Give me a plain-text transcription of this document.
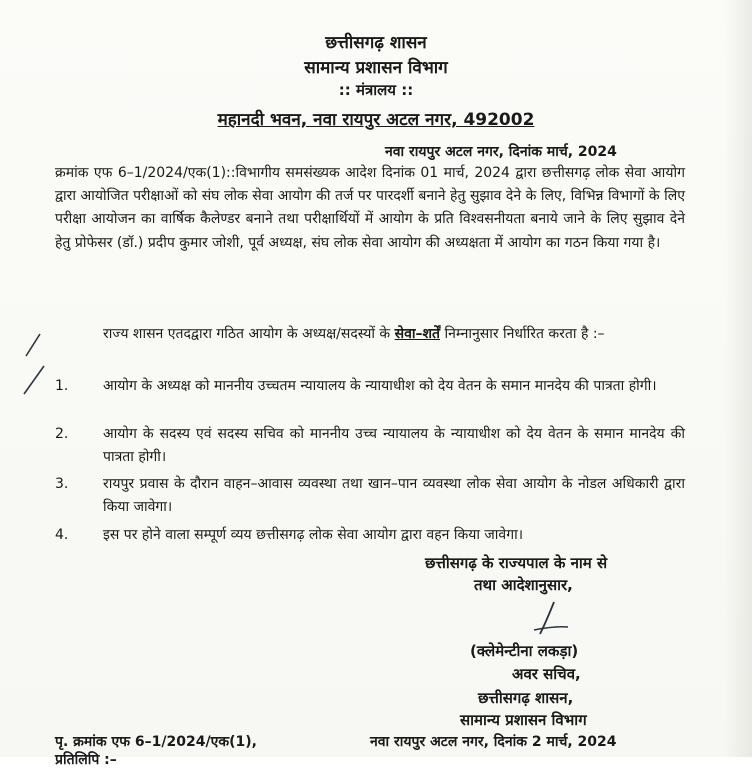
छत्तीसगढ़ शासन
सामान्य प्रशासन विभाग
:: मंत्रालय ::
महानदी भवन, नवा रायपुर अटल नगर, 492002
नवा रायपुर अटल नगर, दिनांक मार्च, 2024
क्रमांक एफ 6–1/2024/एक(1)::विभागीय समसंख्यक आदेश दिनांक 01 मार्च, 2024 द्वारा छत्तीसगढ़ लोक सेवा आयोग द्वारा आयोजित परीक्षाओं को संघ लोक सेवा आयोग की तर्ज पर पारदर्शी बनाने हेतु सुझाव देने के लिए, विभिन्न विभागों के लिए परीक्षा आयोजन का वार्षिक कैलेण्डर बनाने तथा परीक्षार्थियों में आयोग के प्रति विश्वसनीयता बनाये जाने के लिए सुझाव देने हेतु प्रोफेसर (डॉ.) प्रदीप कुमार जोशी, पूर्व अध्यक्ष, संघ लोक सेवा आयोग की अध्यक्षता में आयोग का गठन किया गया है।
राज्य शासन एतदद्वारा गठित आयोग के अध्यक्ष/सदस्यों के सेवा–शर्तें निम्नानुसार निर्धारित करता है :–
1.	आयोग के अध्यक्ष को माननीय उच्चतम न्यायालय के न्यायाधीश को देय वेतन के समान मानदेय की पात्रता होगी।
2.	आयोग के सदस्य एवं सदस्य सचिव को माननीय उच्च न्यायालय के न्यायाधीश को देय वेतन के समान मानदेय की पात्रता होगी।
3.	रायपुर प्रवास के दौरान वाहन–आवास व्यवस्था तथा खान–पान व्यवस्था लोक सेवा आयोग के नोडल अधिकारी द्वारा किया जावेगा।
4.	इस पर होने वाला सम्पूर्ण व्यय छत्तीसगढ़ लोक सेवा आयोग द्वारा वहन किया जावेगा।
छत्तीसगढ़ के राज्यपाल के नाम से
तथा आदेशानुसार,
(क्लेमेन्टीना लकड़ा)
अवर सचिव,
छत्तीसगढ़ शासन,
सामान्य प्रशासन विभाग
पृ. क्रमांक एफ 6–1/2024/एक(1),	नवा रायपुर अटल नगर, दिनांक 2 मार्च, 2024
प्रतिलिपि :–
